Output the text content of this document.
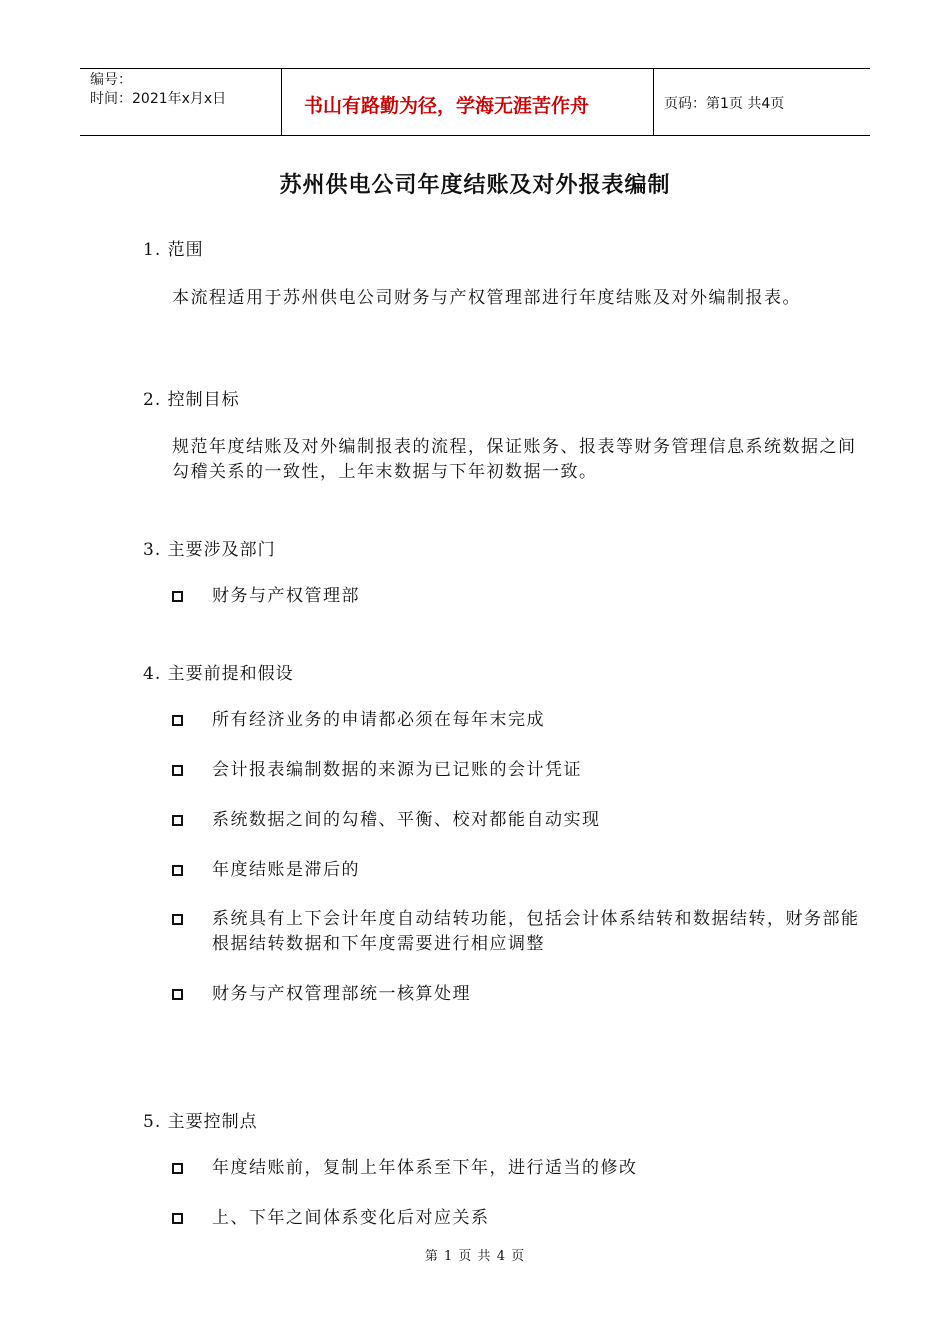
编号：
时间：2021年x月x日	书山有路勤为径，学海无涯苦作舟	页码：第1页 共4页
苏州供电公司年度结账及对外报表编制
1. 范围
本流程适用于苏州供电公司财务与产权管理部进行年度结账及对外编制报表。
2. 控制目标
规范年度结账及对外编制报表的流程，保证账务、报表等财务管理信息系统数据之间勾稽关系的一致性，上年末数据与下年初数据一致。
3. 主要涉及部门
财务与产权管理部
4. 主要前提和假设
所有经济业务的申请都必须在每年末完成
会计报表编制数据的来源为已记账的会计凭证
系统数据之间的勾稽、平衡、校对都能自动实现
年度结账是滞后的
系统具有上下会计年度自动结转功能，包括会计体系结转和数据结转，财务部能根据结转数据和下年度需要进行相应调整
财务与产权管理部统一核算处理
5. 主要控制点
年度结账前，复制上年体系至下年，进行适当的修改
上、下年之间体系变化后对应关系
第 1 页 共 4 页
